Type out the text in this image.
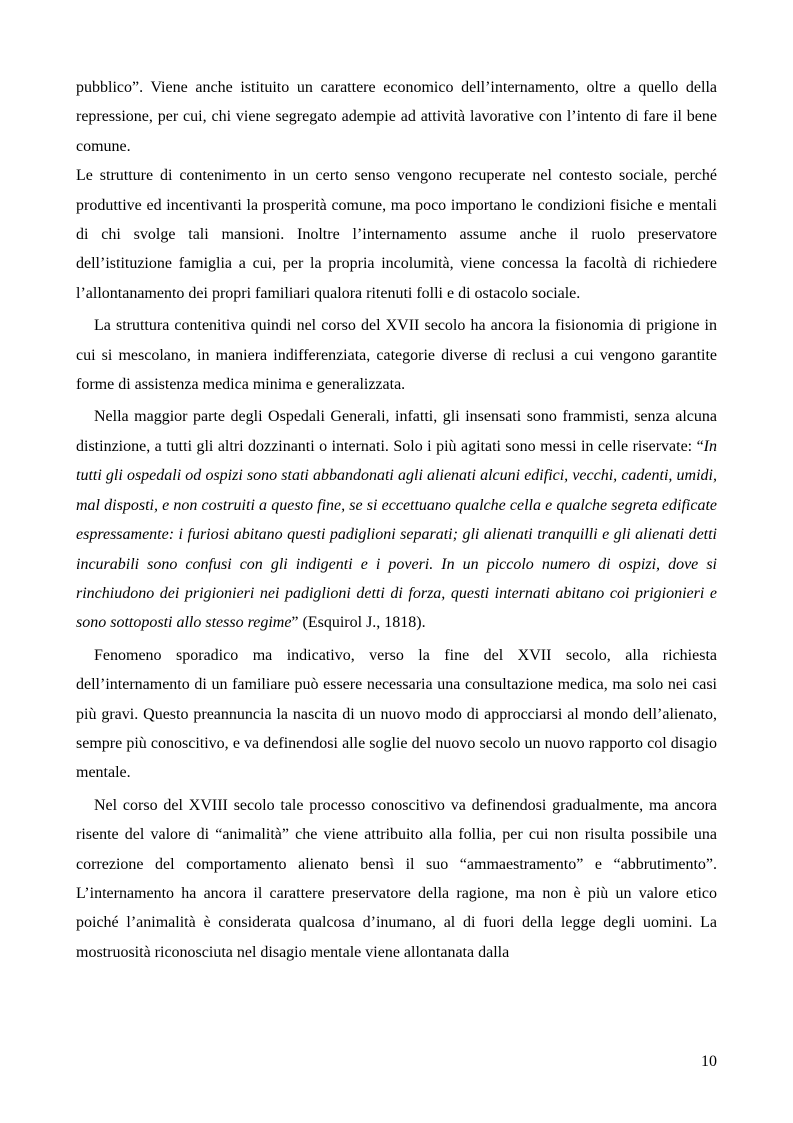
pubblico”. Viene anche istituito un carattere economico dell’internamento, oltre a quello della repressione, per cui, chi viene segregato adempie ad attività lavorative con l’intento di fare il bene comune.

Le strutture di contenimento in un certo senso vengono recuperate nel contesto sociale, perché produttive ed incentivanti la prosperità comune, ma poco importano le condizioni fisiche e mentali di chi svolge tali mansioni. Inoltre l’internamento assume anche il ruolo preservatore dell’istituzione famiglia a cui, per la propria incolumità, viene concessa la facoltà di richiedere l’allontanamento dei propri familiari qualora ritenuti folli e di ostacolo sociale.

La struttura contenitiva quindi nel corso del XVII secolo ha ancora la fisionomia di prigione in cui si mescolano, in maniera indifferenziata, categorie diverse di reclusi a cui vengono garantite forme di assistenza medica minima e generalizzata.

Nella maggior parte degli Ospedali Generali, infatti, gli insensati sono frammisti, senza alcuna distinzione, a tutti gli altri dozzinanti o internati. Solo i più agitati sono messi in celle riservate: “In tutti gli ospedali od ospizi sono stati abbandonati agli alienati alcuni edifici, vecchi, cadenti, umidi, mal disposti, e non costruiti a questo fine, se si eccettuano qualche cella e qualche segreta edificate espressamente: i furiosi abitano questi padiglioni separati; gli alienati tranquilli e gli alienati detti incurabili sono confusi con gli indigenti e i poveri. In un piccolo numero di ospizi, dove si rinchiudono dei prigionieri nei padiglioni detti di forza, questi internati abitano coi prigionieri e sono sottoposti allo stesso regime” (Esquirol J., 1818).

Fenomeno sporadico ma indicativo, verso la fine del XVII secolo, alla richiesta dell’internamento di un familiare può essere necessaria una consultazione medica, ma solo nei casi più gravi. Questo preannuncia la nascita di un nuovo modo di approcciarsi al mondo dell’alienato, sempre più conoscitivo, e va definendosi alle soglie del nuovo secolo un nuovo rapporto col disagio mentale.

Nel corso del XVIII secolo tale processo conoscitivo va definendosi gradualmente, ma ancora risente del valore di “animalità” che viene attribuito alla follia, per cui non risulta possibile una correzione del comportamento alienato bensì il suo “ammaestramento” e “abbrutimento”. L’internamento ha ancora il carattere preservatore della ragione, ma non è più un valore etico poiché l’animalità è considerata qualcosa d’inumano, al di fuori della legge degli uomini. La mostruosità riconosciuta nel disagio mentale viene allontanata dalla

10
